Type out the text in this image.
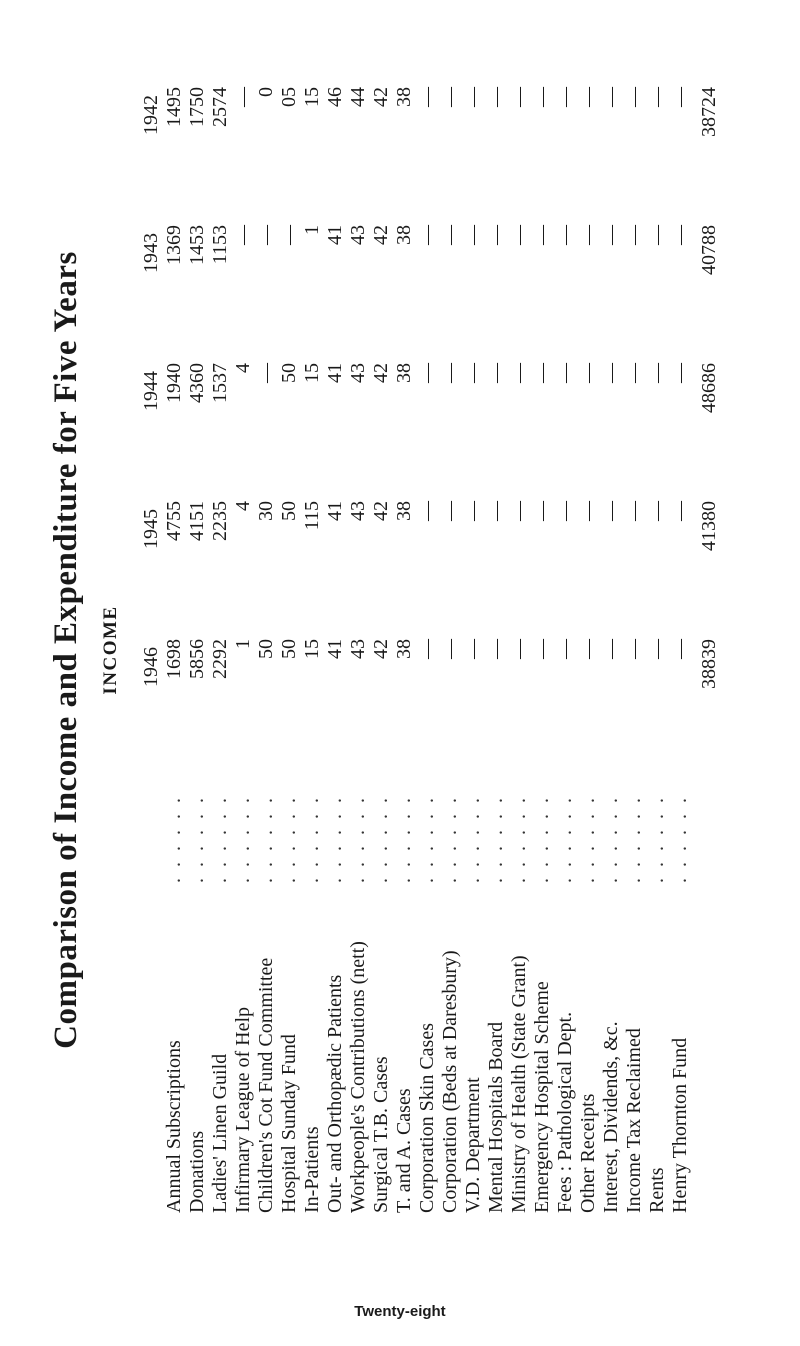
Comparison of Income and Expenditure for Five Years INCOME
		1946	1945	1944	1943	1942
Annual Subscriptions	. . . . . .	1698	4755	1940	1369	1495
Donations	. . . . . .	5856	4151	4360	1453	1750
Ladies' Linen Guild	. . . . . .	2292	2235	1537	1153	2574
Infirmary League of Help	. . . . . .	1	4	4	—	—
Children's Cot Fund Committee	. . . . . .	50	30	—	—	0
Hospital Sunday Fund	. . . . . .	50	50	50	—	05
In-Patients	. . . . . .	15	115	15	1	15
Out- and Orthopædic Patients	. . . . . .	41	41	41	41	46
Workpeople's Contributions (nett)	. . . . . .	43	43	43	43	44
Surgical T.B. Cases	. . . . . .	42	42	42	42	42
T. and A. Cases	. . . . . .	38	38	38	38	38
Corporation Skin Cases	. . . . . .	—	—	—	—	—
Corporation (Beds at Daresbury)	. . . . . .	—	—	—	—	—
V.D. Department	. . . . . .	—	—	—	—	—
Mental Hospitals Board	. . . . . .	—	—	—	—	—
Ministry of Health (State Grant)	. . . . . .	—	—	—	—	—
Emergency Hospital Scheme	. . . . . .	—	—	—	—	—
Fees : Pathological Dept.	. . . . . .	—	—	—	—	—
Other Receipts	. . . . . .	—	—	—	—	—
Interest, Dividends, &c.	. . . . . .	—	—	—	—	—
Income Tax Reclaimed	. . . . . .	—	—	—	—	—
Rents	. . . . . .	—	—	—	—	—
Henry Thornton Fund	. . . . . .	—	—	—	—	—
		38839	41380	48686	40788	38724
Twenty-eight
